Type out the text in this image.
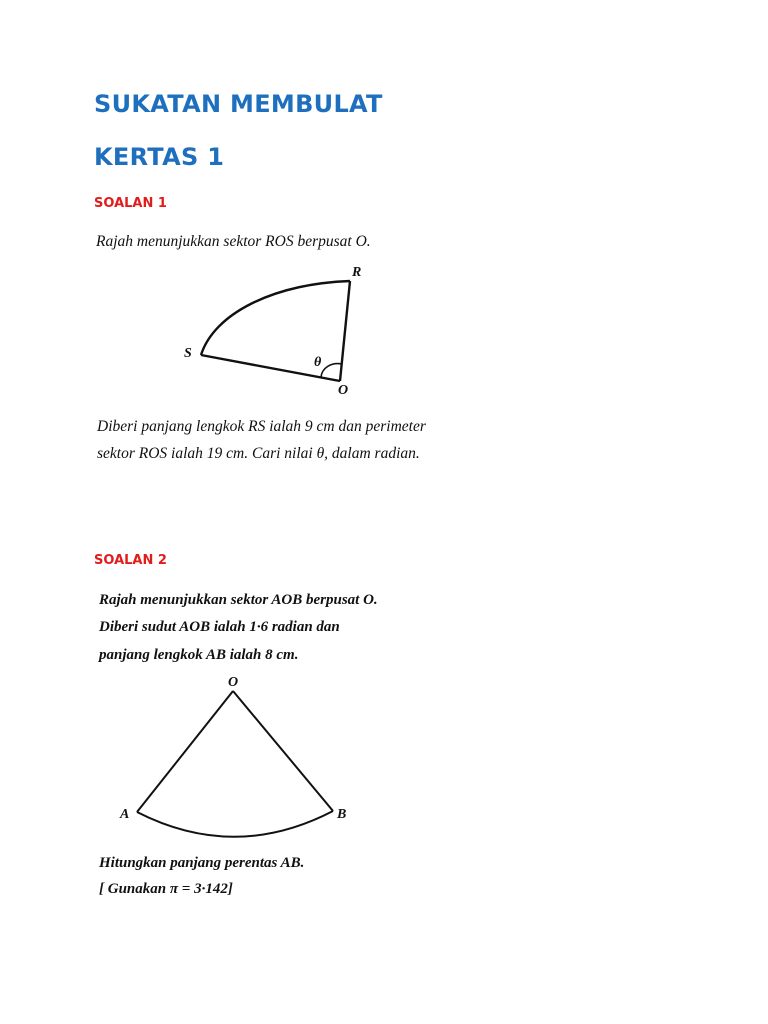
SUKATAN MEMBULAT
KERTAS 1
SOALAN 1

Rajah menunjukkan sektor ROS berpusat O.

R
S
O
θ

Diberi panjang lengkok RS ialah 9 cm dan perimeter

sektor ROS ialah 19 cm. Cari nilai θ, dalam radian.

SOALAN 2

Rajah menunjukkan sektor AOB berpusat O.

Diberi sudut AOB ialah 1·6 radian dan

panjang lengkok AB ialah 8 cm.

O
A	B

Hitungkan panjang perentas AB.

[ Gunakan π = 3·142]
